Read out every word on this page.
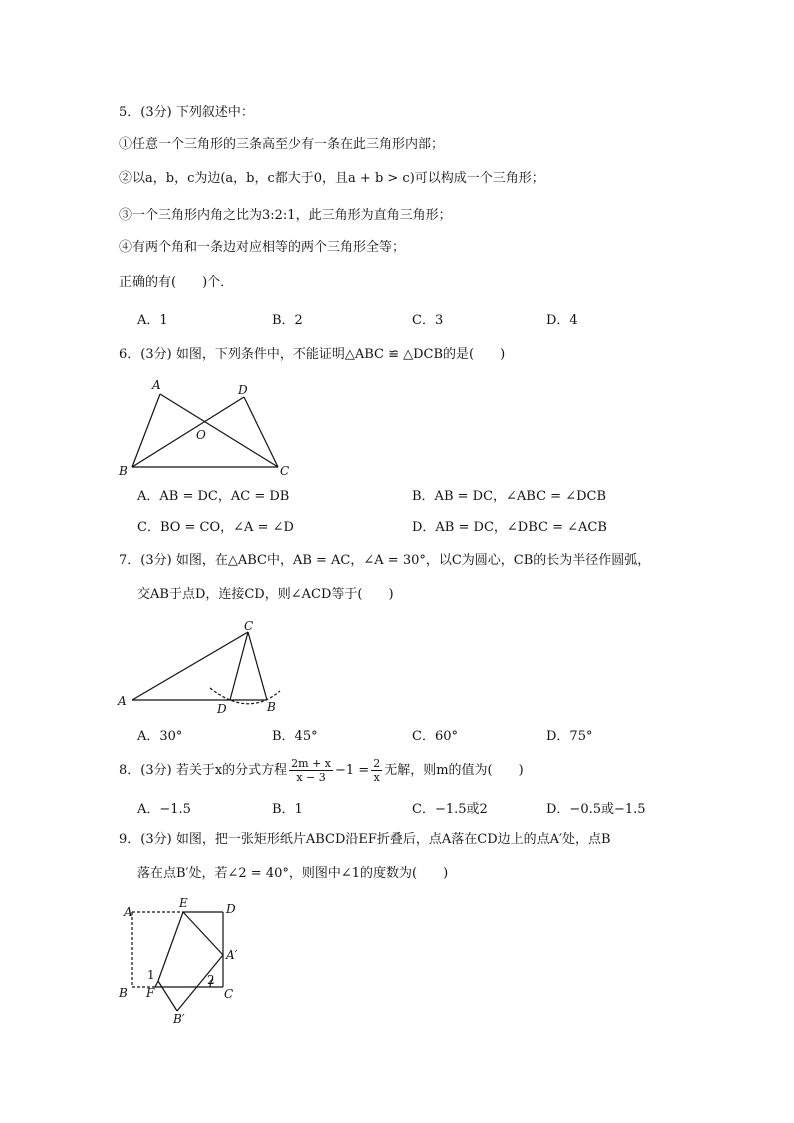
5．(3分) 下列叙述中：
①任意一个三角形的三条高至少有一条在此三角形内部；
②以a，b，c为边(a，b，c都大于0，且a + b > c)可以构成一个三角形；
③一个三角形内角之比为3:2:1，此三角形为直角三角形；
④有两个角和一条边对应相等的两个三角形全等；
正确的有(　　)个．
A．1	B．2	C．3	D．4
6．(3分) 如图，下列条件中，不能证明△ABC ≌ △DCB的是(　　)
A	D
O
B	C
A．AB = DC，AC = DB	B．AB = DC，∠ABC = ∠DCB
C．BO = CO，∠A = ∠D	D．AB = DC，∠DBC = ∠ACB
7．(3分) 如图，在△ABC中，AB = AC，∠A = 30°，以C为圆心，CB的长为半径作圆弧，
交AB于点D，连接CD，则∠ACD等于(　　)
C
A
D	B
A．30°	B．45°	C．60°	D．75°
8．(3分) 若关于x的分式方程 $\frac{2m + x}{x - 3} -1 = \frac{2}{x}$ 无解，则m的值为(　　)
A．−1.5	B．1	C．−1.5或2	D．−0.5或−1.5
9．(3分) 如图，把一张矩形纸片ABCD沿EF折叠后，点A落在CD边上的点A′处，点B
落在点B′处，若∠2 = 40°，则图中∠1的度数为(　　)
A
E	D
A′
1	2
B F	C
B′
